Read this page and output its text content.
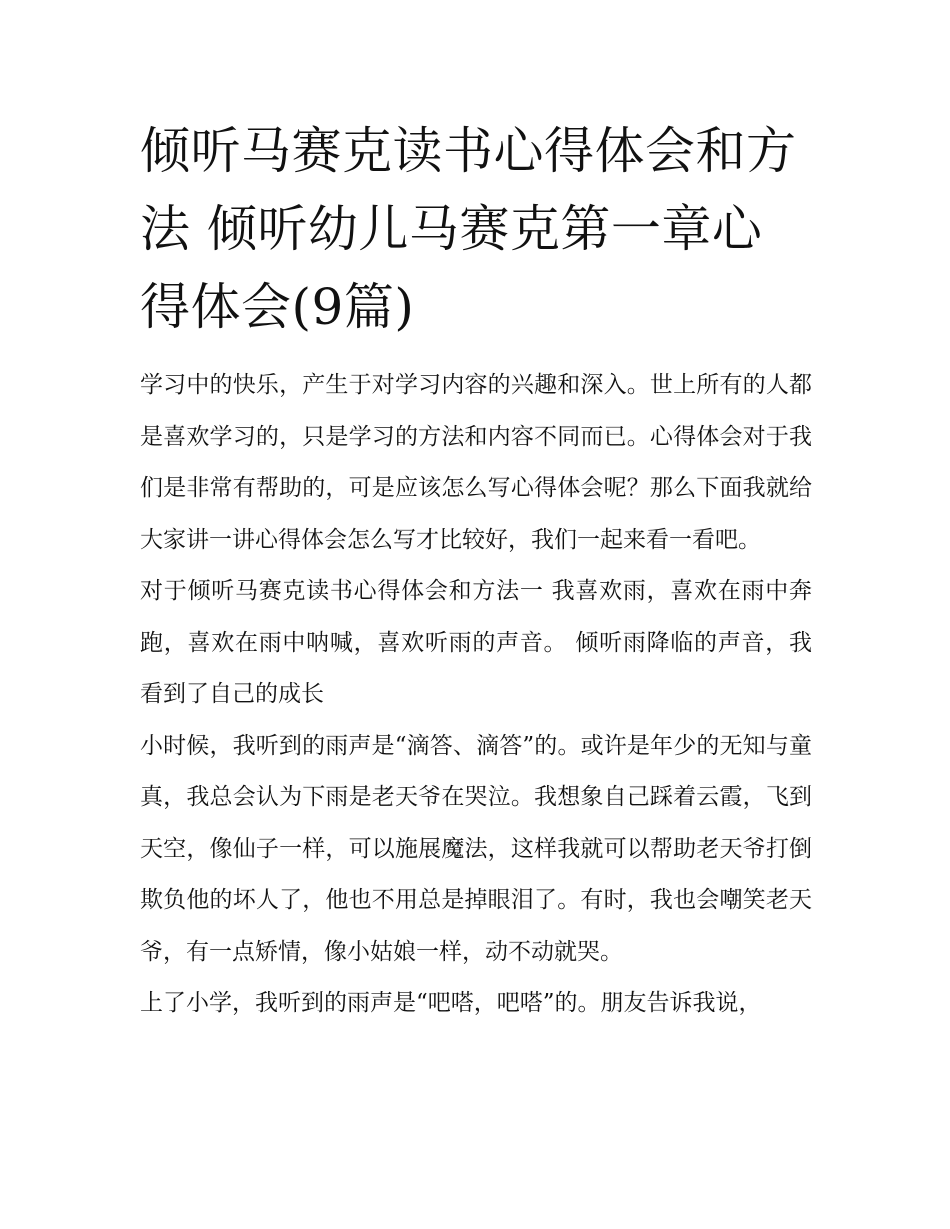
倾听马赛克读书心得体会和方法 倾听幼儿马赛克第一章心得体会(9篇)

学习中的快乐，产生于对学习内容的兴趣和深入。世上所有的人都是喜欢学习的，只是学习的方法和内容不同而已。心得体会对于我们是非常有帮助的，可是应该怎么写心得体会呢？那么下面我就给大家讲一讲心得体会怎么写才比较好，我们一起来看一看吧。

对于倾听马赛克读书心得体会和方法一 我喜欢雨，喜欢在雨中奔跑，喜欢在雨中呐喊，喜欢听雨的声音。 倾听雨降临的声音，我看到了自己的成长

小时候，我听到的雨声是“滴答、滴答”的。或许是年少的无知与童真，我总会认为下雨是老天爷在哭泣。我想象自己踩着云霞，飞到天空，像仙子一样，可以施展魔法，这样我就可以帮助老天爷打倒欺负他的坏人了，他也不用总是掉眼泪了。有时，我也会嘲笑老天爷，有一点矫情，像小姑娘一样，动不动就哭。

上了小学，我听到的雨声是“吧嗒，吧嗒”的。朋友告诉我说，
